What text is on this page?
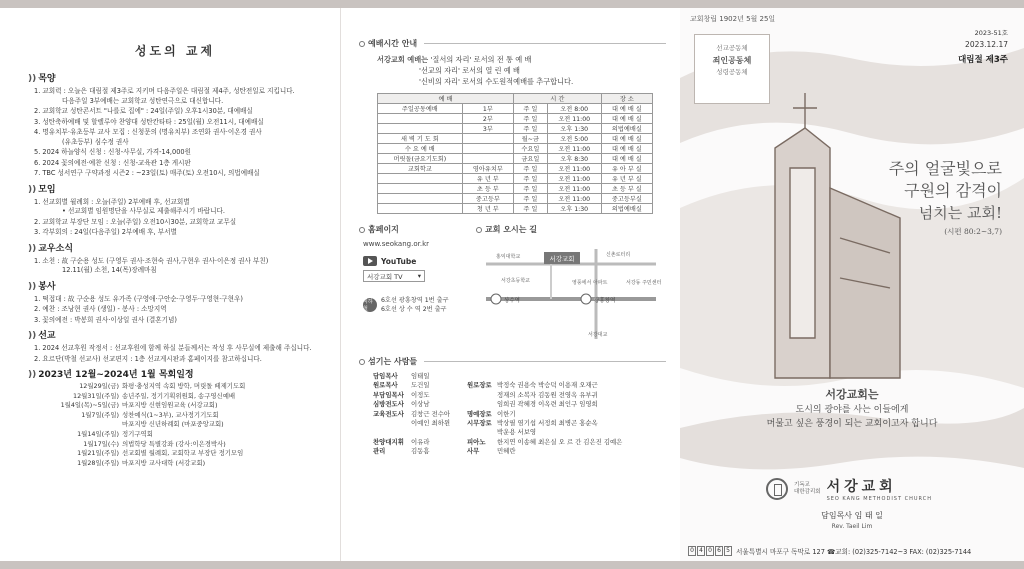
성도의 교제
)) 목양
1. 교회력 : 오늘은 대림절 제3주로 지키며 다음주일은 대림절 제4주, 성탄전일로 지킵니다.
다음주일 3부예배는 교회학교 성탄연극으로 대신합니다.
2. 교회학교 성탄콘서트 "나를로 집에" : 24일(주일) 오후1시30분, 대예배실
3. 성탄축하예배 및 할렐루야 찬양대 성탄칸타타 : 25일(월) 오전11시, 대예배실
4. 명유치부·유초등부 교사 모집 : 신청문의 (명유치부) 조연화 권사·이온경 권사
(유초등부) 심수정 권사
5. 2024 하늘양식 신청 : 신청-사무실, 가격-14,000원
6. 2024 꽃의예전·예찬 신청 : 신청-교육관 1층 게시판
7. TBC 성서연구 구약과정 시즌2 : ~23일(토) 매주(토) 오전10시, 의법예배실
)) 모임
1. 선교회별 월례회 : 오늘(주일) 2부예배 후, 선교회별
• 선교회별 임원명단을 사무실로 제출해주시기 바랍니다.
2. 교회학교 부장단 모임 : 오늘(주일) 오전10시30분, 교회학교 교무실
3. 각부회의 : 24일(다음주일) 2부예배 후, 부서별
)) 교우소식
1. 소천 : 故 구순용 성도 (구영두 권사·조현숙 권사,구현우 권사·이은정 권사 부친)
12.11(월) 소천, 14(목)장례마침
)) 봉사
1. 떡접대 : 故 구순용 성도 유가족 (구영애·구안순·구영두·구영현·구현우)
2. 예찬 : 조낭현 권사 (생일) - 봉사 : 소망지역
3. 꽃의예전 : 박봉희 권사·이상일 권사 (결혼기념)
)) 선교
1. 2024 선교후원 작정서 : 선교후원에 함께 하실 분들께서는 작성 후 사무실에 제출해 주십니다.
2. 요르단(박철 선교사) 선교편지 : 1층 선교게시판과 홈페이지를 참고하십니다.
)) 2023년 12월~2024년 1월 목회일정
12월29일(금) 화평·충성지역 속회 방학, 머릿돌 떼제기도회
12월31일(주일) 송년주일, 정기기획위원회, 송구영신예배
1월4일(목)~5일(금) 마포지방 신현임원교육 (서강교회)
1월7일(주일) 성찬예식(1~3부), 교사정기기도회
마포지방 신년하례회 (마포중앙교회)
1월14일(주일) 정기구역회
1월17일(수) 의법학당 특별강좌 (강사:이은경박사)
1월21일(주일) 선교회별 월례회, 교회학교 부장단 정기모임
1월28일(주일) 마포지방 교사대학 (서강교회)
예배시간 안내
서강교회 예배는 '질서의 자리' 로서의 전 통 예 배
'선교의 자리' 로서의 열 린 예 배
'신비의 자리' 로서의 수도원적예배를 추구합니다.
예 배		시 간		장 소
주일공동예배	1부	주 일	오전 8:00	대 예 배 실
	2부	주 일	오전 11:00	대 예 배 실
	3부	주 일	오후 1:30	의법예배실
새 벽 기 도 회		월~금	오전 5:00	대 예 배 실
수 요 예 배		수요일	오전 11:00	대 예 배 실
머릿돌(금요기도회)		금요일	오후 8:30	대 예 배 실
교회학교	영아유치부	주 일	오전 11:00	유 아 부 실
	유 년 부	주 일	오전 11:00	유 년 부 실
	초 등 부	주 일	오전 11:00	초 등 부 실
	중고등부	주 일	오전 11:00	중고등부실
	청 년 부	주 일	오후 1:30	의법예배실
홈페이지
www.seokang.or.kr
YouTube
서강교회 TV ▾
지하철
6호선 광흥창역 1번 출구
6호선 상 수 역 2번 출구
교회 오시는 길
서강교회
홍익대학교	신촌로터리
서강초등학교	영풍에서 아파트	서강동 주민센터
상수역	광흥창역
서강대교
섬기는 사람들
담임목사	임태일
원로목사	도건일	원로장로 박정숙 권용숙 박승덕 이용재 오재근
부담임목사	이정도	정재의 소복자 김동원 전영옥 유부귀
심방전도사	이상남	임희권 곽혜경 이옥련 최인구 임영희
교육전도사	김창근 전수아	명예장로 이한기
이예인 최하윈	시무장로 박상필 염기섭 서정희 최병곤 홍순옥
박운용 서보영
찬양대지휘	이유라	피아노	한지연 이송혜 최은실 오 르 간 김은진 김예은
관리	김동흠	사무	민혜란
교회창립 1902년 5월 25일
2023-51호
2023.12.17
대림절 제3주
선교공동체
죄인공동체
성령공동체
주의 얼굴빛으로
구원의 감격이
넘치는 교회!
(시편 80:2~3,7)
서강교회는
도시의 광야를 사는 이들에게
머물고 싶은 풍경이 되는 교회이고자 합니다
기독교
대한감리회 서강교회
SEO KANG METHODIST CHURCH
담임목사 임 태 일
Rev. Taeil Lim
0 4 0 6 5 서울특별시 마포구 독막로 127 ☎교회: (02)325-7142~3 FAX: (02)325-7144
